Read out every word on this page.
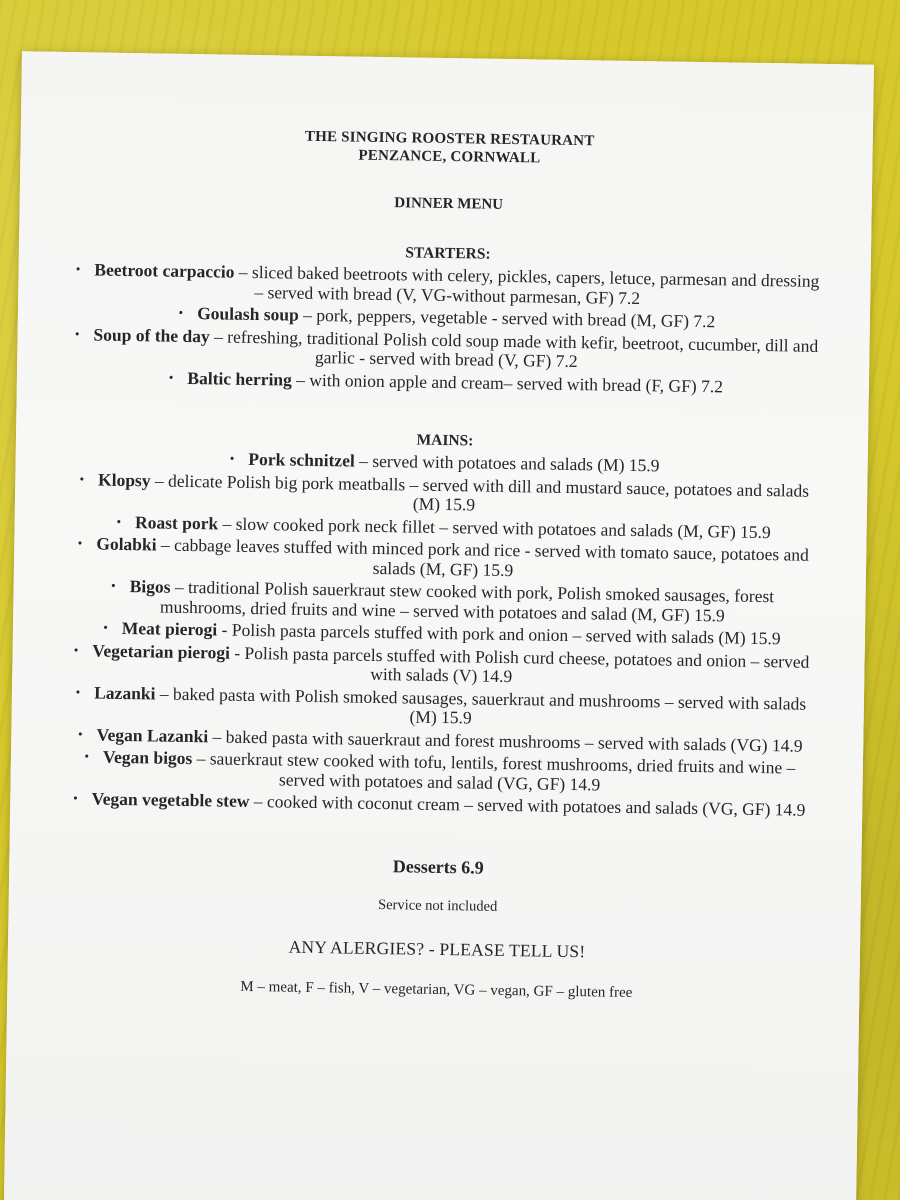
THE SINGING ROOSTER RESTAURANT
PENZANCE, CORNWALL
DINNER MENU
STARTERS:
• Beetroot carpaccio – sliced baked beetroots with celery, pickles, capers, letuce, parmesan and dressing – served with bread (V, VG-without parmesan, GF) 7.2
• Goulash soup – pork, peppers, vegetable - served with bread (M, GF) 7.2
• Soup of the day – refreshing, traditional Polish cold soup made with kefir, beetroot, cucumber, dill and garlic - served with bread (V, GF) 7.2
• Baltic herring – with onion apple and cream– served with bread (F, GF) 7.2
MAINS:
• Pork schnitzel – served with potatoes and salads (M) 15.9
• Klopsy – delicate Polish big pork meatballs – served with dill and mustard sauce, potatoes and salads (M) 15.9
• Roast pork – slow cooked pork neck fillet – served with potatoes and salads (M, GF) 15.9
• Golabki – cabbage leaves stuffed with minced pork and rice - served with tomato sauce, potatoes and salads (M, GF) 15.9
• Bigos – traditional Polish sauerkraut stew cooked with pork, Polish smoked sausages, forest mushrooms, dried fruits and wine – served with potatoes and salad (M, GF) 15.9
• Meat pierogi - Polish pasta parcels stuffed with pork and onion – served with salads (M) 15.9
• Vegetarian pierogi - Polish pasta parcels stuffed with Polish curd cheese, potatoes and onion – served with salads (V) 14.9
• Lazanki – baked pasta with Polish smoked sausages, sauerkraut and mushrooms – served with salads (M) 15.9
• Vegan Lazanki – baked pasta with sauerkraut and forest mushrooms – served with salads (VG) 14.9
• Vegan bigos – sauerkraut stew cooked with tofu, lentils, forest mushrooms, dried fruits and wine – served with potatoes and salad (VG, GF) 14.9
• Vegan vegetable stew – cooked with coconut cream – served with potatoes and salads (VG, GF) 14.9
Desserts 6.9
Service not included
ANY ALERGIES? - PLEASE TELL US!
M – meat, F – fish, V – vegetarian, VG – vegan, GF – gluten free
